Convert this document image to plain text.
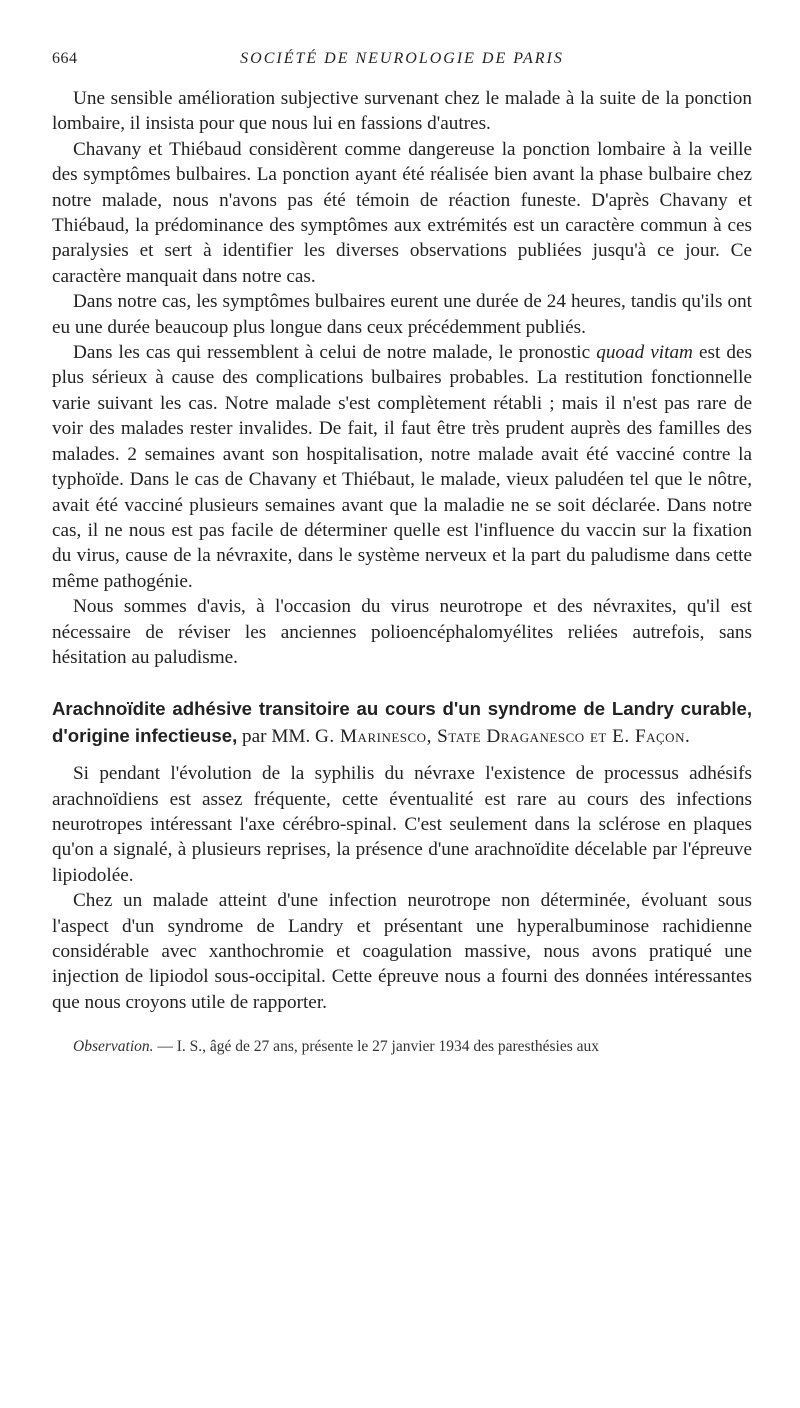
664	SOCIÉTÉ DE NEUROLOGIE DE PARIS

Une sensible amélioration subjective survenant chez le malade à la suite de la ponction lombaire, il insista pour que nous lui en fassions d'autres.

Chavany et Thiébaud considèrent comme dangereuse la ponction lombaire à la veille des symptômes bulbaires. La ponction ayant été réalisée bien avant la phase bulbaire chez notre malade, nous n'avons pas été témoin de réaction funeste. D'après Chavany et Thiébaud, la prédominance des symptômes aux extrémités est un caractère commun à ces paralysies et sert à identifier les diverses observations publiées jusqu'à ce jour. Ce caractère manquait dans notre cas.

Dans notre cas, les symptômes bulbaires eurent une durée de 24 heures, tandis qu'ils ont eu une durée beaucoup plus longue dans ceux précédemment publiés.

Dans les cas qui ressemblent à celui de notre malade, le pronostic quoad vitam est des plus sérieux à cause des complications bulbaires probables. La restitution fonctionnelle varie suivant les cas. Notre malade s'est complètement rétabli ; mais il n'est pas rare de voir des malades rester invalides. De fait, il faut être très prudent auprès des familles des malades. 2 semaines avant son hospitalisation, notre malade avait été vacciné contre la typhoïde. Dans le cas de Chavany et Thiébaut, le malade, vieux paludéen tel que le nôtre, avait été vacciné plusieurs semaines avant que la maladie ne se soit déclarée. Dans notre cas, il ne nous est pas facile de déterminer quelle est l'influence du vaccin sur la fixation du virus, cause de la névraxite, dans le système nerveux et la part du paludisme dans cette même pathogénie.

Nous sommes d'avis, à l'occasion du virus neurotrope et des névraxites, qu'il est nécessaire de réviser les anciennes polioencéphalomyélites reliées autrefois, sans hésitation au paludisme.

Arachnoïdite adhésive transitoire au cours d'un syndrome de Landry curable, d'origine infectieuse, par MM. G. Marinesco, State Draganesco et E. Façon.

Si pendant l'évolution de la syphilis du névraxe l'existence de processus adhésifs arachnoïdiens est assez fréquente, cette éventualité est rare au cours des infections neurotropes intéressant l'axe cérébro-spinal. C'est seulement dans la sclérose en plaques qu'on a signalé, à plusieurs reprises, la présence d'une arachnoïdite décelable par l'épreuve lipiodolée.

Chez un malade atteint d'une infection neurotrope non déterminée, évoluant sous l'aspect d'un syndrome de Landry et présentant une hyperalbuminose rachidienne considérable avec xanthochromie et coagulation massive, nous avons pratiqué une injection de lipiodol sous-occipital. Cette épreuve nous a fourni des données intéressantes que nous croyons utile de rapporter.

Observation. — I. S., âgé de 27 ans, présente le 27 janvier 1934 des paresthésies aux
